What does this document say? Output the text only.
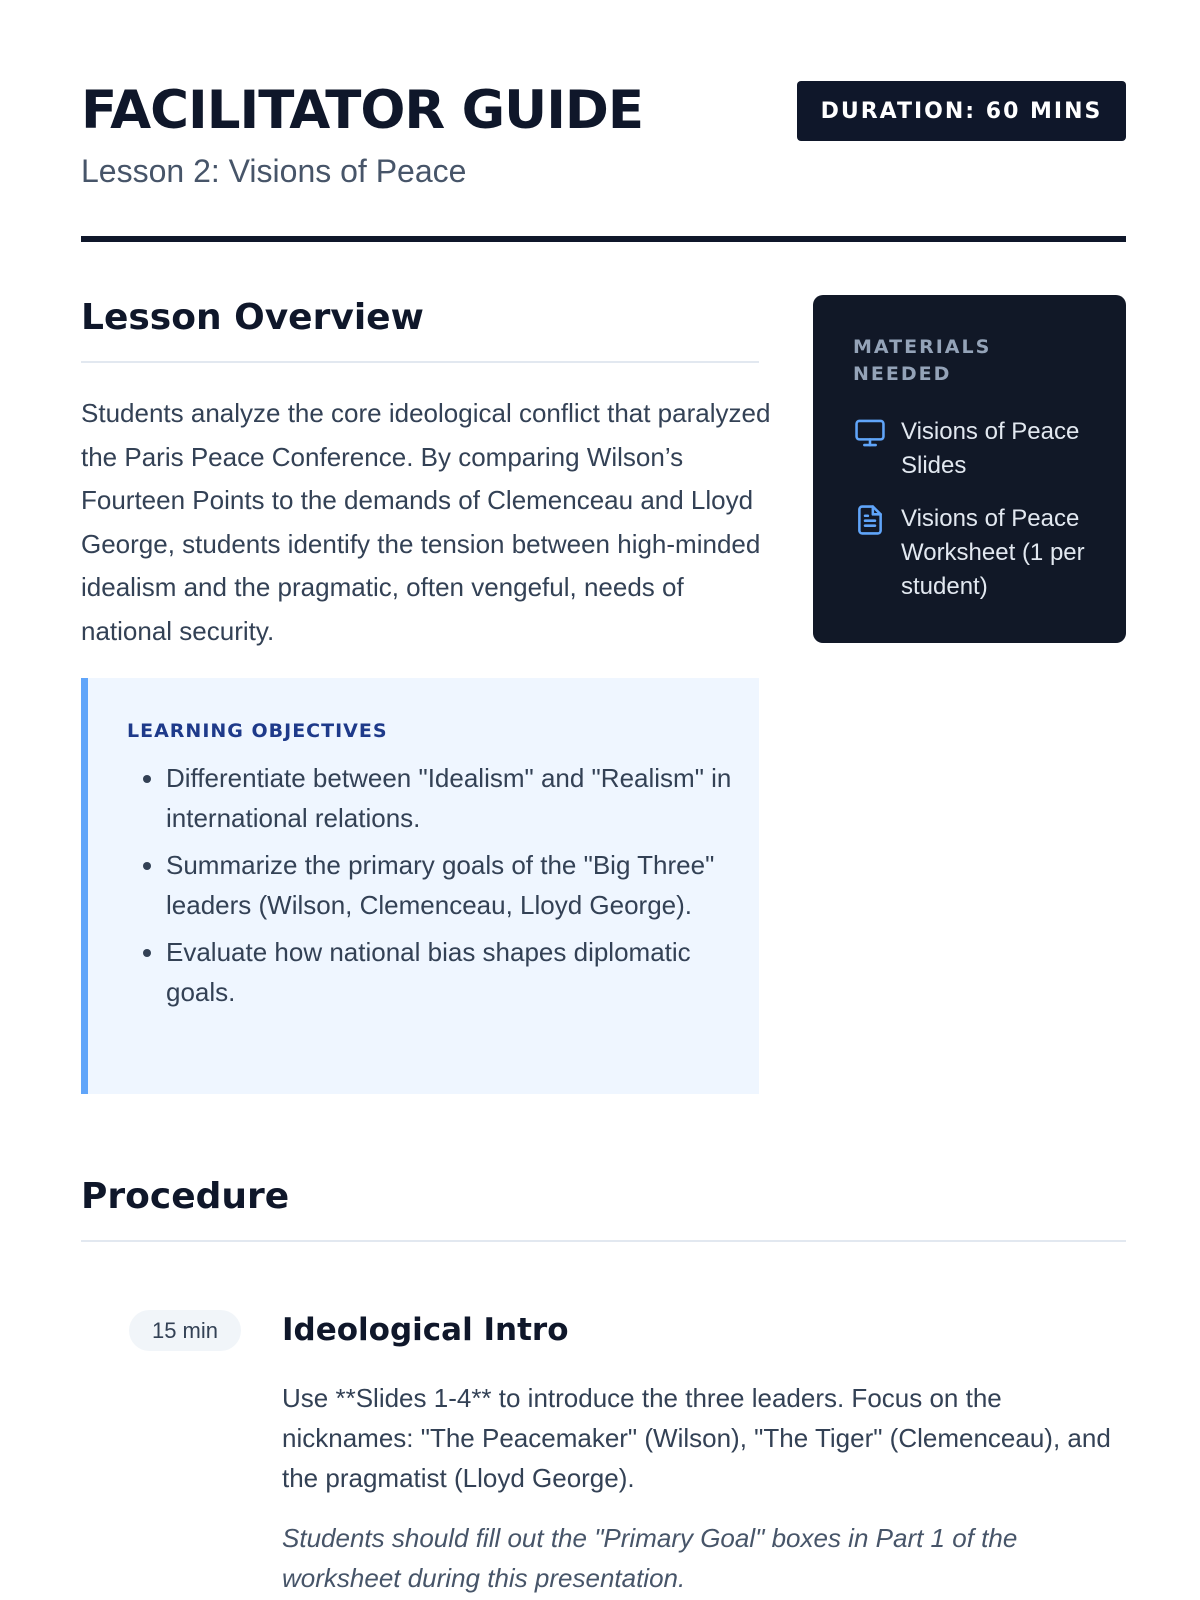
FACILITATOR GUIDE
Lesson 2: Visions of Peace
DURATION: 60 MINS
Lesson Overview

Students analyze the core ideological conflict that paralyzed the Paris Peace Conference. By comparing Wilson’s Fourteen Points to the demands of Clemenceau and Lloyd George, students identify the tension between high-minded idealism and the pragmatic, often vengeful, needs of national security.

LEARNING OBJECTIVES
• Differentiate between "Idealism" and "Realism" in international relations.
• Summarize the primary goals of the "Big Three" leaders (Wilson, Clemenceau, Lloyd George).
• Evaluate how national bias shapes diplomatic goals.
MATERIALS NEEDED
Visions of Peace Slides
Visions of Peace Worksheet (1 per student)
Procedure
15 min	Ideological Intro

Use **Slides 1-4** to introduce the three leaders. Focus on the nicknames: "The Peacemaker" (Wilson), "The Tiger" (Clemenceau), and the pragmatist (Lloyd George).

Students should fill out the "Primary Goal" boxes in Part 1 of the worksheet during this presentation.
